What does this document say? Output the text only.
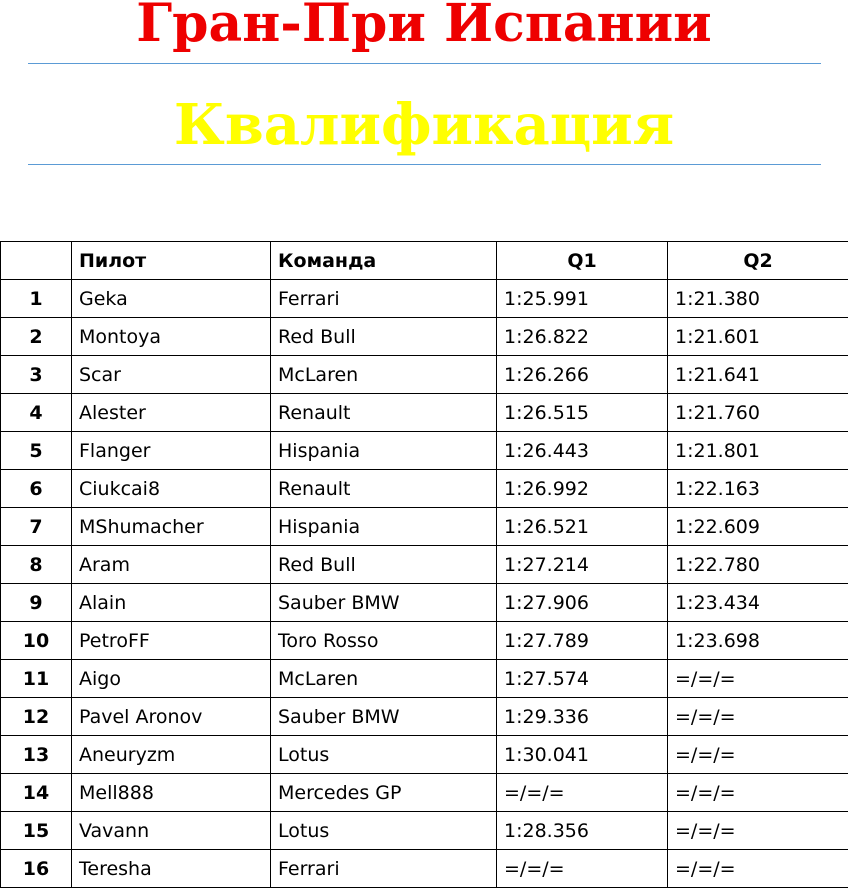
Гран-При Испании
Квалификация
	Пилот	Команда	Q1	Q2
1	Geka	Ferrari	1:25.991	1:21.380
2	Montoya	Red Bull	1:26.822	1:21.601
3	Scar	McLaren	1:26.266	1:21.641
4	Alester	Renault	1:26.515	1:21.760
5	Flanger	Hispania	1:26.443	1:21.801
6	Ciukcai8	Renault	1:26.992	1:22.163
7	MShumacher	Hispania	1:26.521	1:22.609
8	Aram	Red Bull	1:27.214	1:22.780
9	Alain	Sauber BMW	1:27.906	1:23.434
10	PetroFF	Toro Rosso	1:27.789	1:23.698
11	Aigo	McLaren	1:27.574	=/=/=
12	Pavel Aronov	Sauber BMW	1:29.336	=/=/=
13	Aneuryzm	Lotus	1:30.041	=/=/=
14	Mell888	Mercedes GP	=/=/=	=/=/=
15	Vavann	Lotus	1:28.356	=/=/=
16	Teresha	Ferrari	=/=/=	=/=/=
